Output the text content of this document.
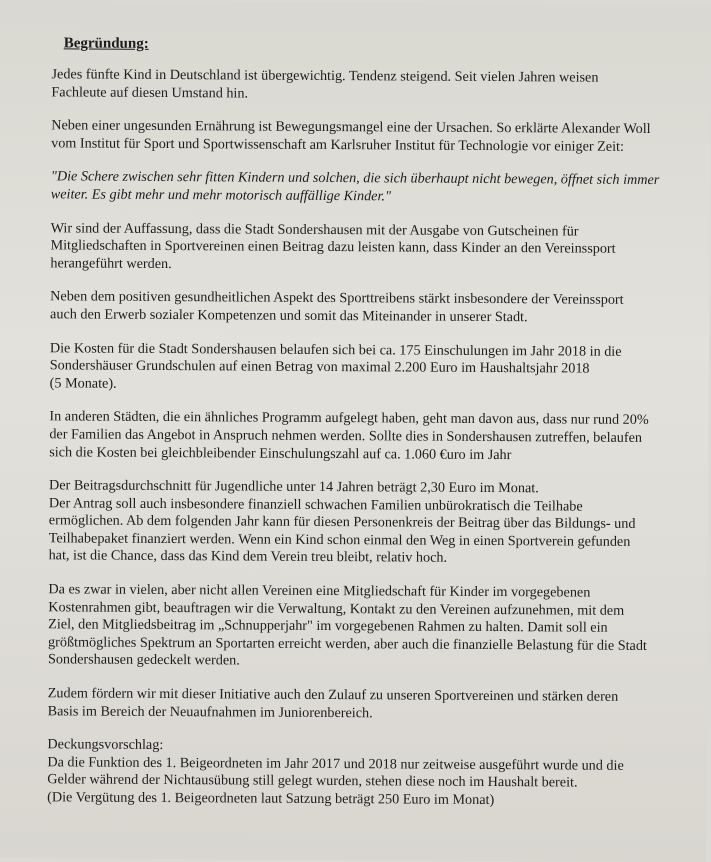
Begründung:
Jedes fünfte Kind in Deutschland ist übergewichtig. Tendenz steigend. Seit vielen Jahren weisen
Fachleute auf diesen Umstand hin.
Neben einer ungesunden Ernährung ist Bewegungsmangel eine der Ursachen. So erklärte Alexander Woll
vom Institut für Sport und Sportwissenschaft am Karlsruher Institut für Technologie vor einiger Zeit:
"Die Schere zwischen sehr fitten Kindern und solchen, die sich überhaupt nicht bewegen, öffnet sich immer
weiter. Es gibt mehr und mehr motorisch auffällige Kinder."
Wir sind der Auffassung, dass die Stadt Sondershausen mit der Ausgabe von Gutscheinen für
Mitgliedschaften in Sportvereinen einen Beitrag dazu leisten kann, dass Kinder an den Vereinssport
herangeführt werden.
Neben dem positiven gesundheitlichen Aspekt des Sporttreibens stärkt insbesondere der Vereinssport
auch den Erwerb sozialer Kompetenzen und somit das Miteinander in unserer Stadt.
Die Kosten für die Stadt Sondershausen belaufen sich bei ca. 175 Einschulungen im Jahr 2018 in die
Sondershäuser Grundschulen auf einen Betrag von maximal 2.200 Euro im Haushaltsjahr 2018
(5 Monate).
In anderen Städten, die ein ähnliches Programm aufgelegt haben, geht man davon aus, dass nur rund 20%
der Familien das Angebot in Anspruch nehmen werden. Sollte dies in Sondershausen zutreffen, belaufen
sich die Kosten bei gleichbleibender Einschulungszahl auf ca. 1.060 €uro im Jahr
Der Beitragsdurchschnitt für Jugendliche unter 14 Jahren beträgt 2,30 Euro im Monat.
Der Antrag soll auch insbesondere finanziell schwachen Familien unbürokratisch die Teilhabe
ermöglichen. Ab dem folgenden Jahr kann für diesen Personenkreis der Beitrag über das Bildungs- und
Teilhabepaket finanziert werden. Wenn ein Kind schon einmal den Weg in einen Sportverein gefunden
hat, ist die Chance, dass das Kind dem Verein treu bleibt, relativ hoch.
Da es zwar in vielen, aber nicht allen Vereinen eine Mitgliedschaft für Kinder im vorgegebenen
Kostenrahmen gibt, beauftragen wir die Verwaltung, Kontakt zu den Vereinen aufzunehmen, mit dem
Ziel, den Mitgliedsbeitrag im „Schnupperjahr" im vorgegebenen Rahmen zu halten. Damit soll ein
größtmögliches Spektrum an Sportarten erreicht werden, aber auch die finanzielle Belastung für die Stadt
Sondershausen gedeckelt werden.
Zudem fördern wir mit dieser Initiative auch den Zulauf zu unseren Sportvereinen und stärken deren
Basis im Bereich der Neuaufnahmen im Juniorenbereich.
Deckungsvorschlag:
Da die Funktion des 1. Beigeordneten im Jahr 2017 und 2018 nur zeitweise ausgeführt wurde und die
Gelder während der Nichtausübung still gelegt wurden, stehen diese noch im Haushalt bereit.
(Die Vergütung des 1. Beigeordneten laut Satzung beträgt 250 Euro im Monat)
